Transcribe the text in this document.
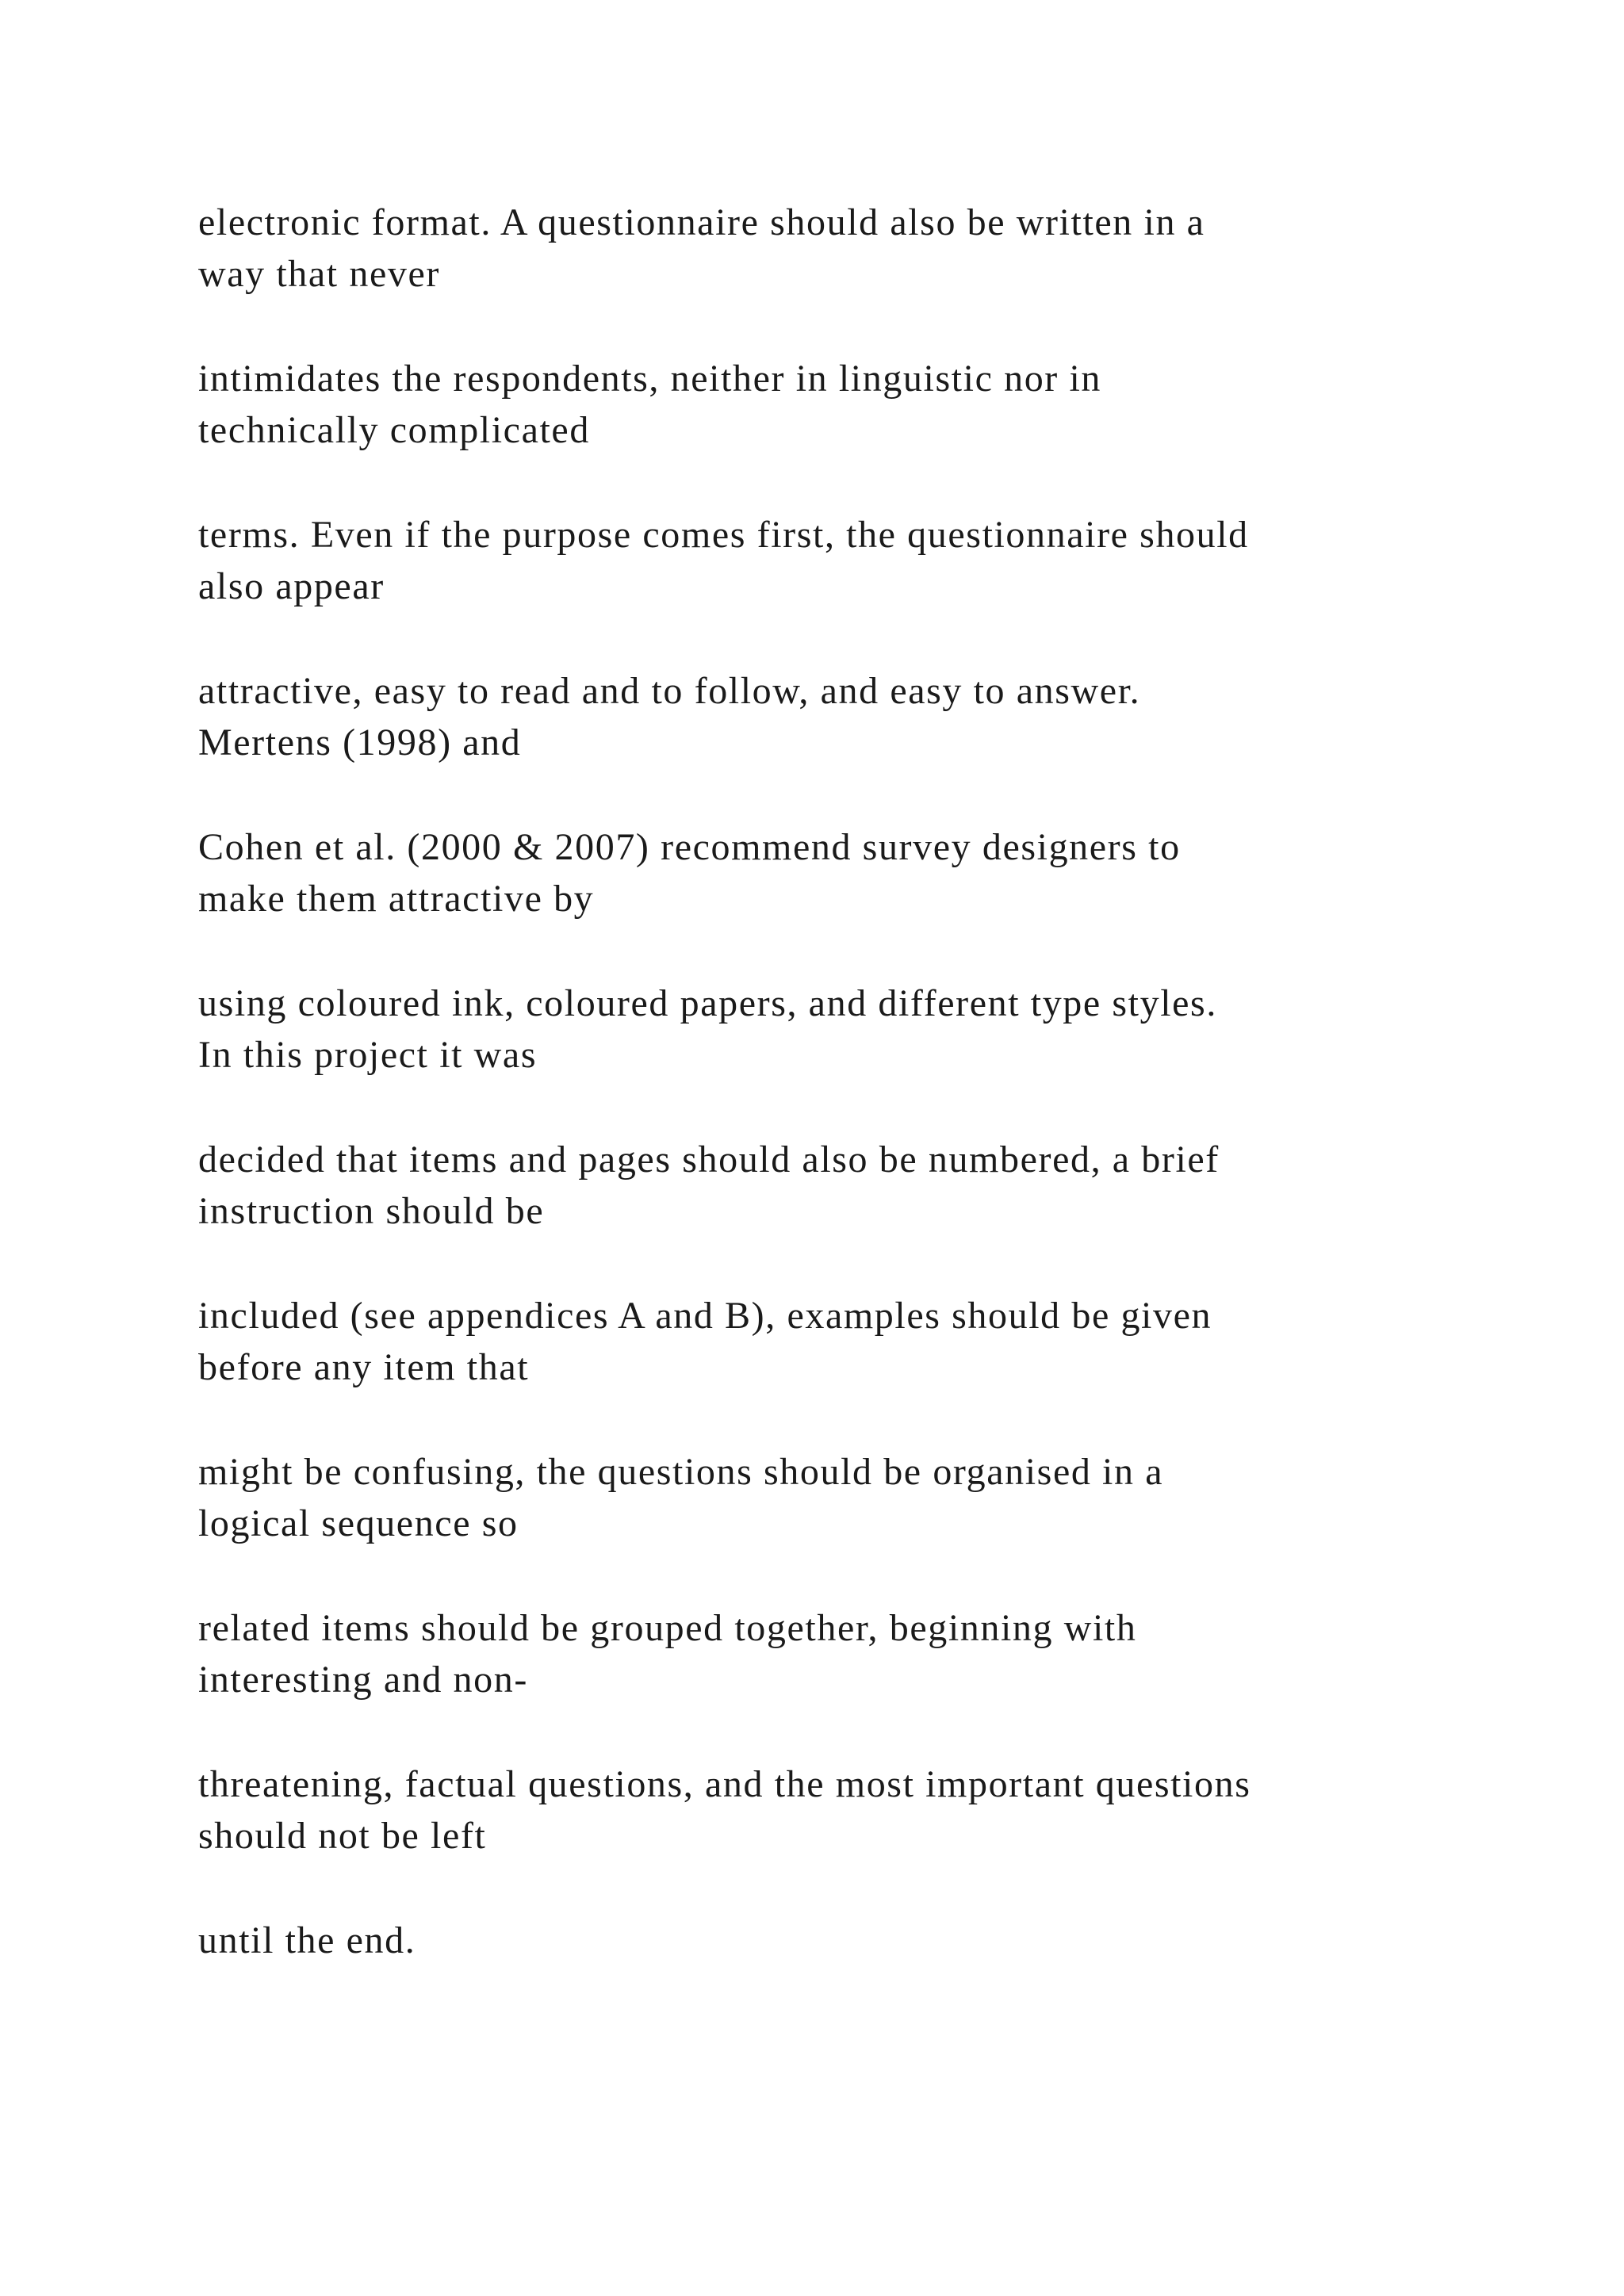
electronic format. A questionnaire should also be written in a
way that never

intimidates the respondents, neither in linguistic nor in
technically complicated

terms. Even if the purpose comes first, the questionnaire should
also appear

attractive, easy to read and to follow, and easy to answer.
Mertens (1998) and

Cohen et al. (2000 & 2007) recommend survey designers to
make them attractive by

using coloured ink, coloured papers, and different type styles.
In this project it was

decided that items and pages should also be numbered, a brief
instruction should be

included (see appendices A and B), examples should be given
before any item that

might be confusing, the questions should be organised in a
logical sequence so

related items should be grouped together, beginning with
interesting and non-

threatening, factual questions, and the most important questions
should not be left

until the end.
